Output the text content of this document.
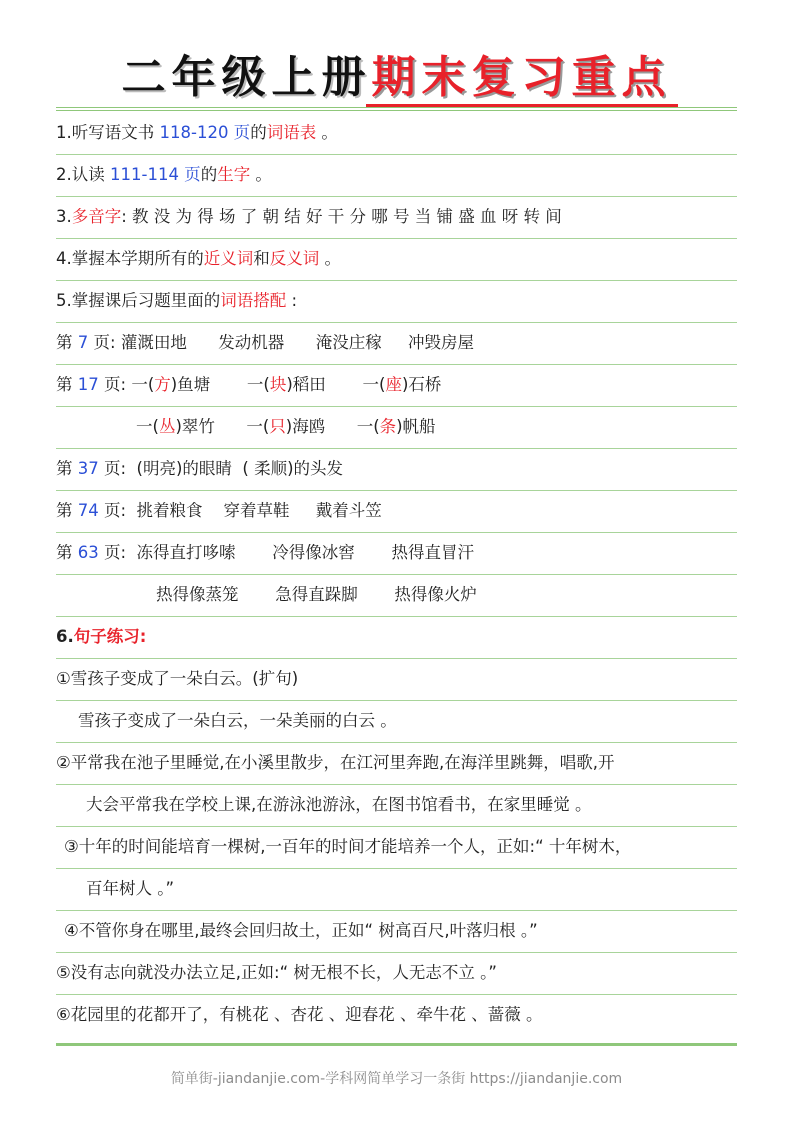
二年级上册期末复习重点
1.听写语文书 118-120 页的词语表 。
2.认读 111-114 页的生字 。
3.多音字: 教 没 为 得 场 了 朝 结 好 干 分 哪 号 当 铺 盛 血 呀 转 间
4.掌握本学期所有的近义词和反义词 。
5.掌握课后习题里面的词语搭配 :
第 7 页: 灌溉田地      发动机器      淹没庄稼     冲毁房屋
第 17 页: 一(方)鱼塘       一(块)稻田       一(座)石桥
一(丛)翠竹      一(只)海鸥      一(条)帆船
第 37 页:  (明亮)的眼睛  ( 柔顺)的头发
第 74 页:  挑着粮食    穿着草鞋     戴着斗笠
第 63 页:  冻得直打哆嗦       冷得像冰窖       热得直冒汗
热得像蒸笼       急得直跺脚       热得像火炉
6.句子练习:
①雪孩子变成了一朵白云。(扩句)
雪孩子变成了一朵白云，一朵美丽的白云 。
②平常我在池子里睡觉,在小溪里散步，在江河里奔跑,在海洋里跳舞，唱歌,开
大会平常我在学校上课,在游泳池游泳，在图书馆看书，在家里睡觉 。
③十年的时间能培育一棵树,一百年的时间才能培养一个人，正如:“ 十年树木，
百年树人 。”
④不管你身在哪里,最终会回归故土，正如“ 树高百尺,叶落归根 。”
⑤没有志向就没办法立足,正如:“ 树无根不长，人无志不立 。”
⑥花园里的花都开了，有桃花 、杏花 、迎春花 、牵牛花 、蔷薇 。
简单街-jiandanjie.com-学科网简单学习一条街 https://jiandanjie.com
